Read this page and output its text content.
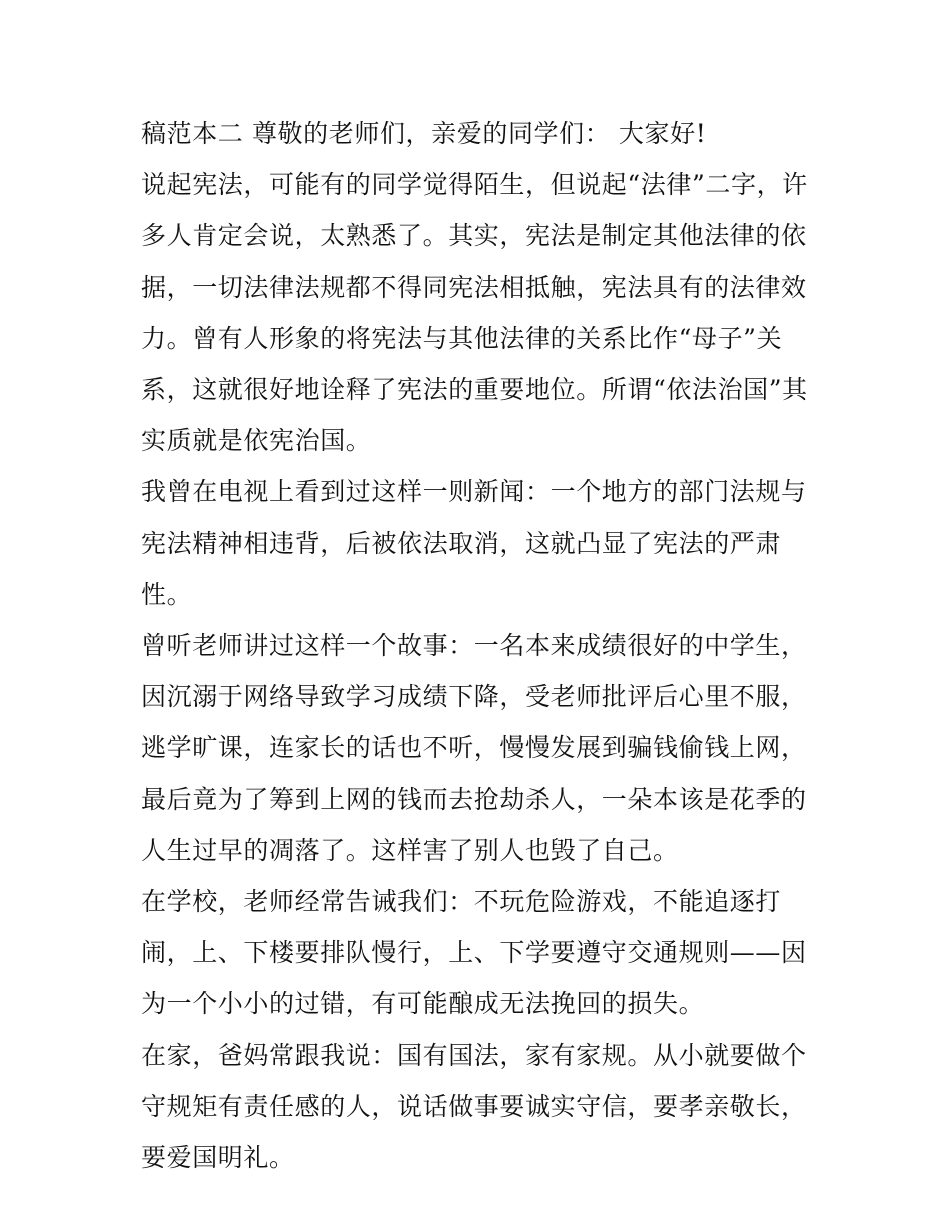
稿范本二 尊敬的老师们，亲爱的同学们： 大家好!

说起宪法，可能有的同学觉得陌生，但说起“法律”二字，许多人肯定会说，太熟悉了。其实，宪法是制定其他法律的依据，一切法律法规都不得同宪法相抵触，宪法具有的法律效力。曾有人形象的将宪法与其他法律的关系比作“母子”关系，这就很好地诠释了宪法的重要地位。所谓“依法治国”其实质就是依宪治国。

我曾在电视上看到过这样一则新闻：一个地方的部门法规与宪法精神相违背，后被依法取消，这就凸显了宪法的严肃性。

曾听老师讲过这样一个故事：一名本来成绩很好的中学生，因沉溺于网络导致学习成绩下降，受老师批评后心里不服，逃学旷课，连家长的话也不听，慢慢发展到骗钱偷钱上网，最后竟为了筹到上网的钱而去抢劫杀人，一朵本该是花季的人生过早的凋落了。这样害了别人也毁了自己。

在学校，老师经常告诫我们：不玩危险游戏，不能追逐打闹，上、下楼要排队慢行，上、下学要遵守交通规则——因为一个小小的过错，有可能酿成无法挽回的损失。

在家，爸妈常跟我说：国有国法，家有家规。从小就要做个守规矩有责任感的人，说话做事要诚实守信，要孝亲敬长，要爱国明礼。
